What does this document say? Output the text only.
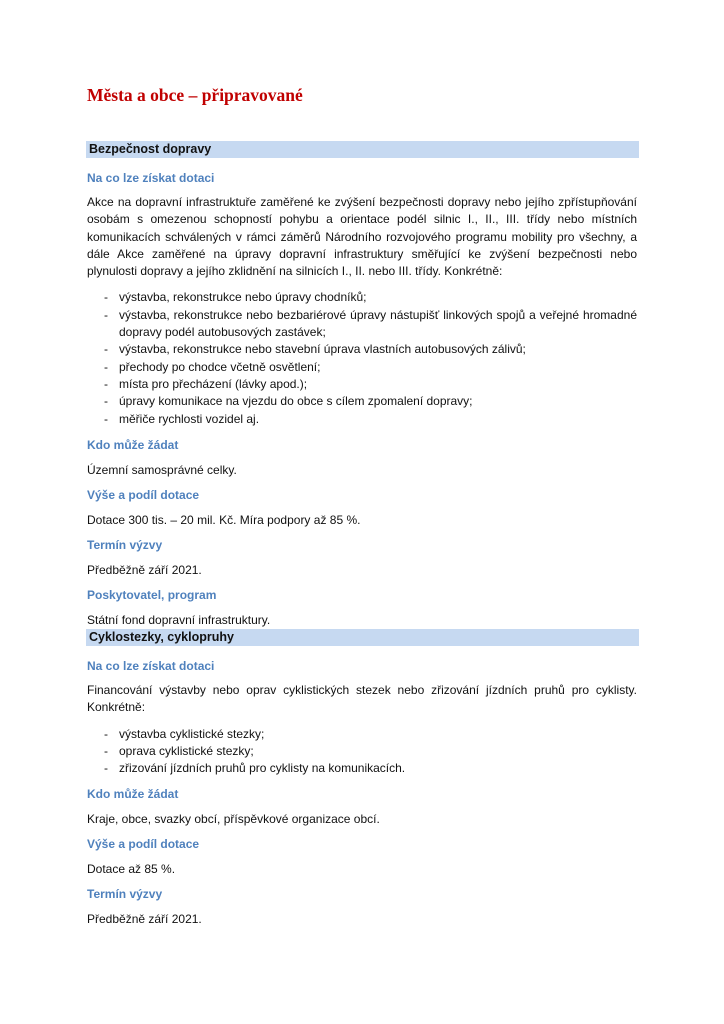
Města a obce – připravované
Bezpečnost dopravy
Na co lze získat dotaci
Akce na dopravní infrastruktuře zaměřené ke zvýšení bezpečnosti dopravy nebo jejího zpřístupňování osobám s omezenou schopností pohybu a orientace podél silnic I., II., III. třídy nebo místních komunikacích schválených v rámci záměrů Národního rozvojového programu mobility pro všechny, a dále Akce zaměřené na úpravy dopravní infrastruktury směřující ke zvýšení bezpečnosti nebo plynulosti dopravy a jejího zklidnění na silnicích I., II. nebo III. třídy. Konkrétně:
- výstavba, rekonstrukce nebo úpravy chodníků;
- výstavba, rekonstrukce nebo bezbariérové úpravy nástupišť linkových spojů a veřejné hromadné dopravy podél autobusových zastávek;
- výstavba, rekonstrukce nebo stavební úprava vlastních autobusových zálivů;
- přechody po chodce včetně osvětlení;
- místa pro přecházení (lávky apod.);
- úpravy komunikace na vjezdu do obce s cílem zpomalení dopravy;
- měřiče rychlosti vozidel aj.
Kdo může žádat
Územní samosprávné celky.
Výše a podíl dotace
Dotace 300 tis. – 20 mil. Kč. Míra podpory až 85 %.
Termín výzvy
Předběžně září 2021.
Poskytovatel, program
Státní fond dopravní infrastruktury.
Cyklostezky, cyklopruhy
Na co lze získat dotaci
Financování výstavby nebo oprav cyklistických stezek nebo zřizování jízdních pruhů pro cyklisty. Konkrétně:
- výstavba cyklistické stezky;
- oprava cyklistické stezky;
- zřizování jízdních pruhů pro cyklisty na komunikacích.
Kdo může žádat
Kraje, obce, svazky obcí, příspěvkové organizace obcí.
Výše a podíl dotace
Dotace až 85 %.
Termín výzvy
Předběžně září 2021.
